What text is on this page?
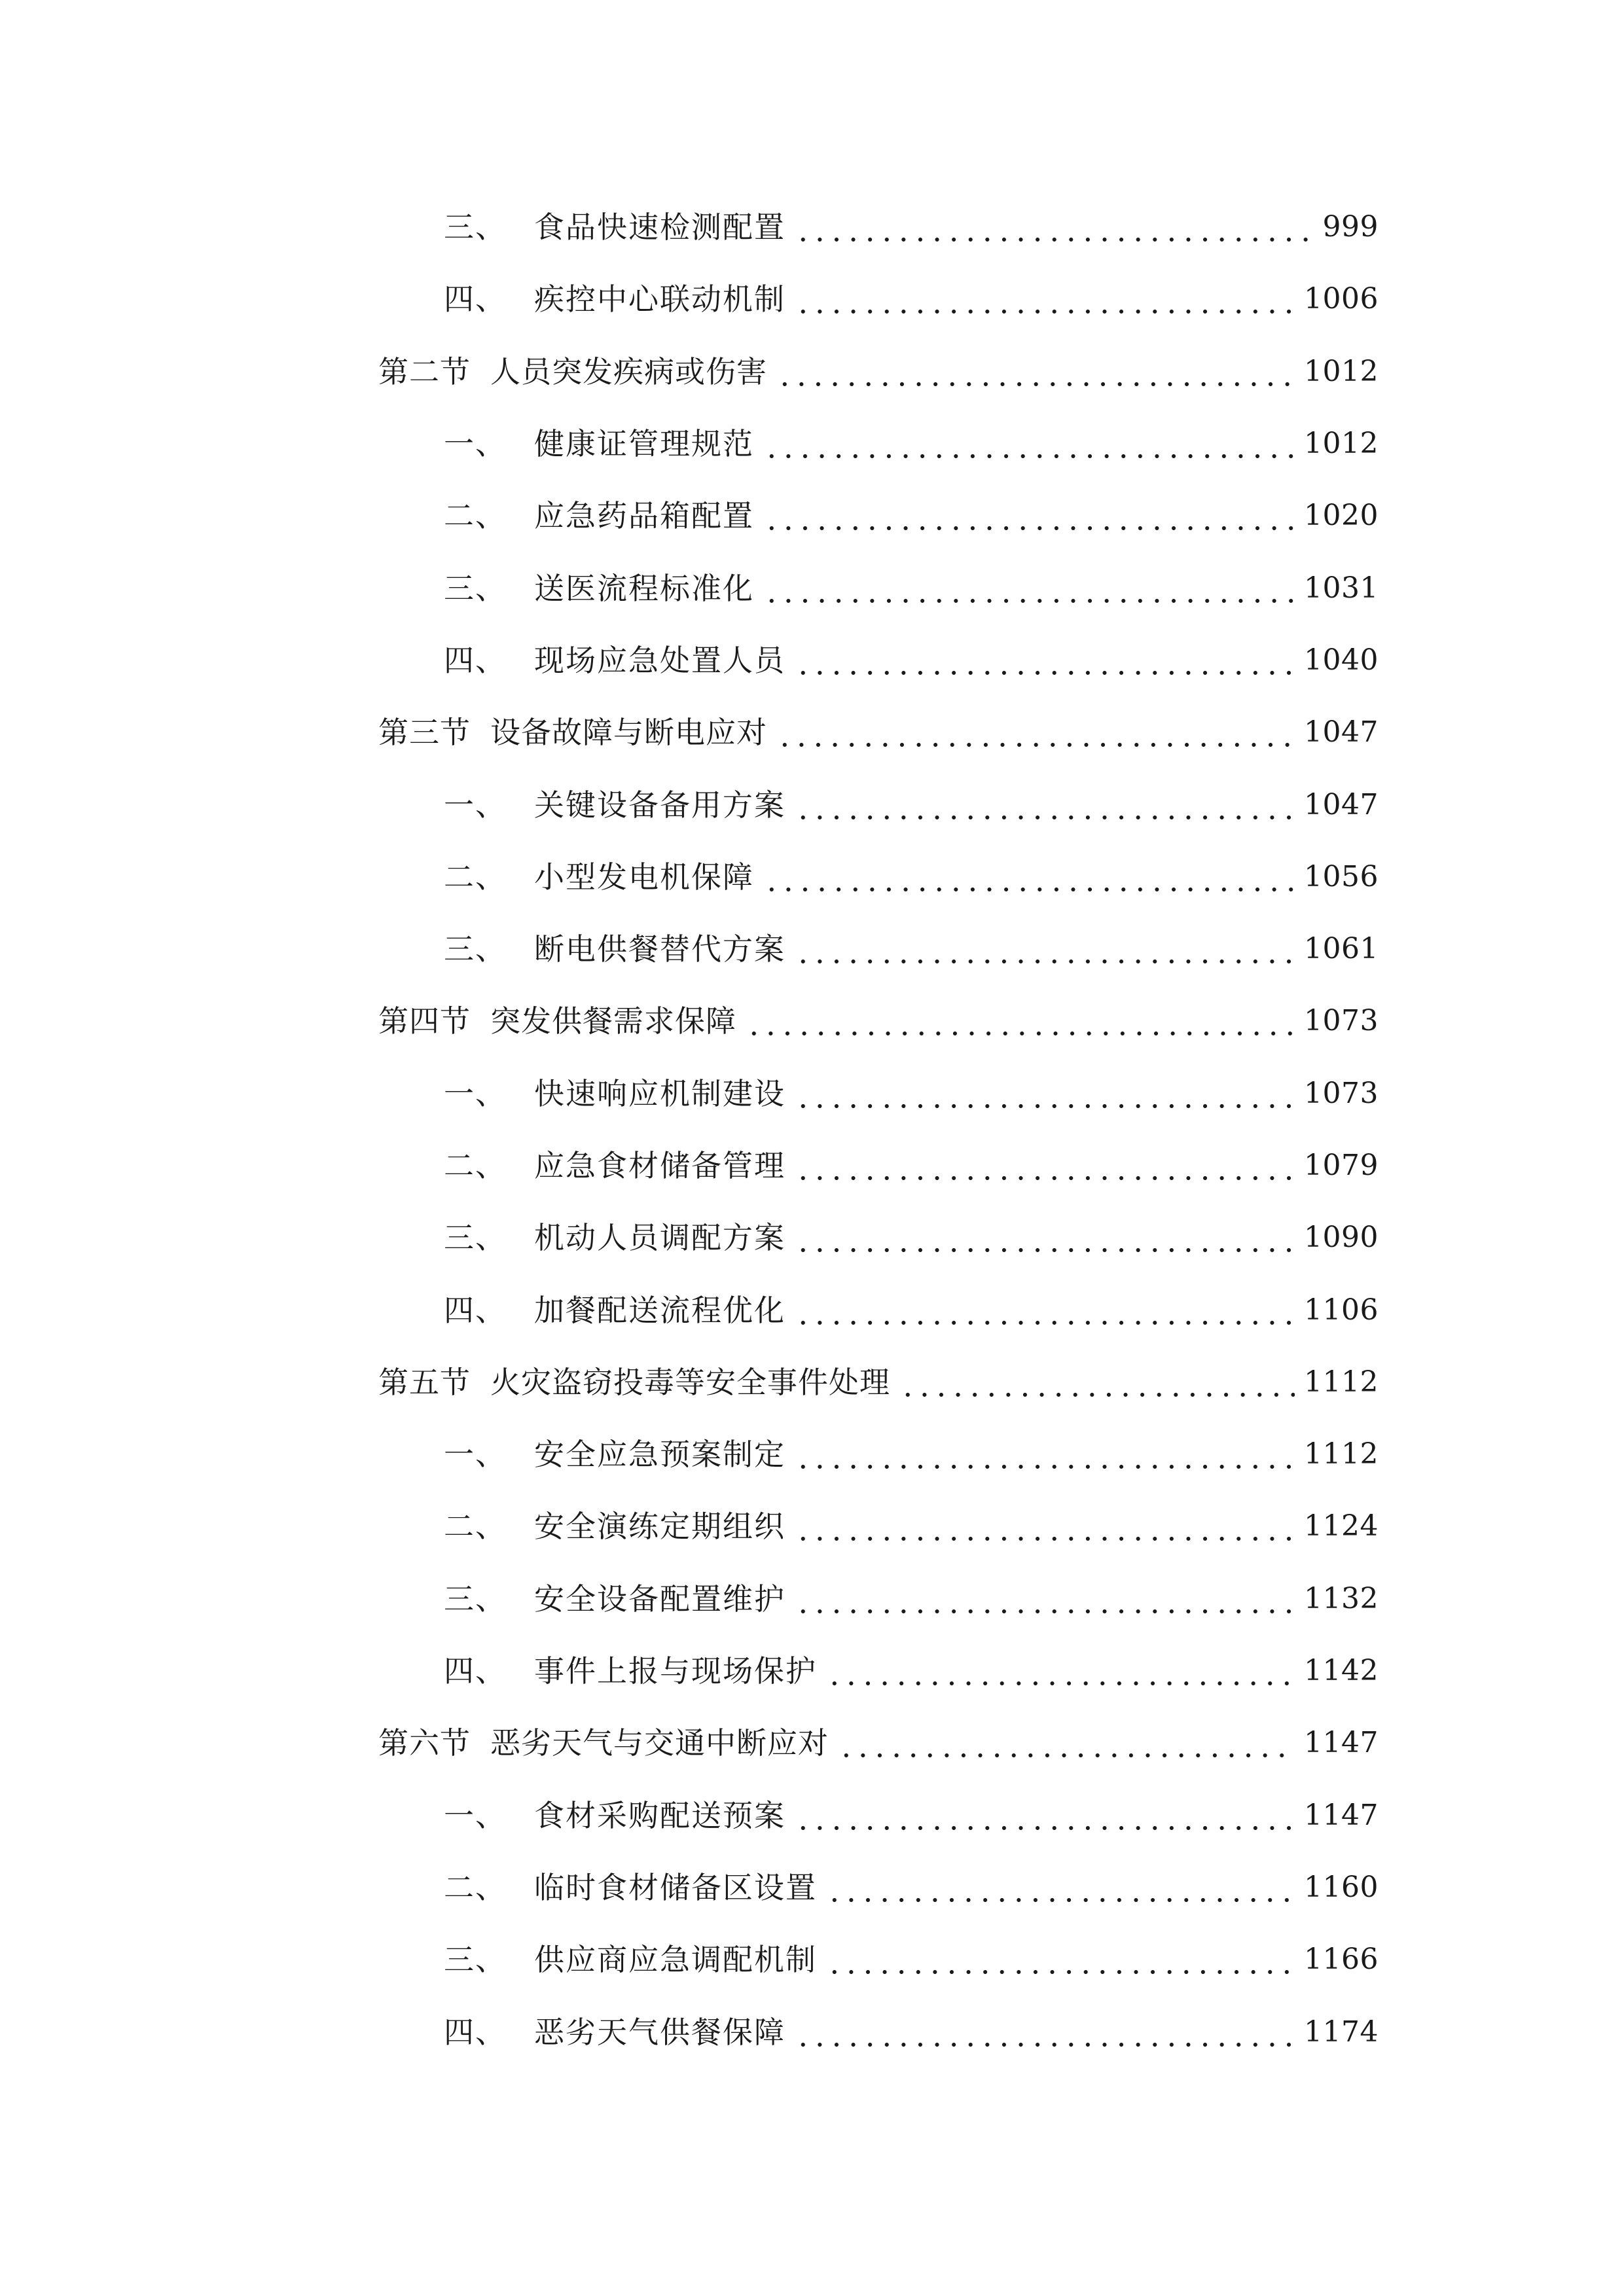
三、 食品快速检测配置	999
四、 疾控中心联动机制	1006
第二节 人员突发疾病或伤害	1012
一、 健康证管理规范	1012
二、 应急药品箱配置	1020
三、 送医流程标准化	1031
四、 现场应急处置人员	1040
第三节 设备故障与断电应对	1047
一、 关键设备备用方案	1047
二、 小型发电机保障	1056
三、 断电供餐替代方案	1061
第四节 突发供餐需求保障	1073
一、 快速响应机制建设	1073
二、 应急食材储备管理	1079
三、 机动人员调配方案	1090
四、 加餐配送流程优化	1106
第五节 火灾盗窃投毒等安全事件处理	1112
一、 安全应急预案制定	1112
二、 安全演练定期组织	1124
三、 安全设备配置维护	1132
四、 事件上报与现场保护	1142
第六节 恶劣天气与交通中断应对	1147
一、 食材采购配送预案	1147
二、 临时食材储备区设置	1160
三、 供应商应急调配机制	1166
四、 恶劣天气供餐保障	1174
